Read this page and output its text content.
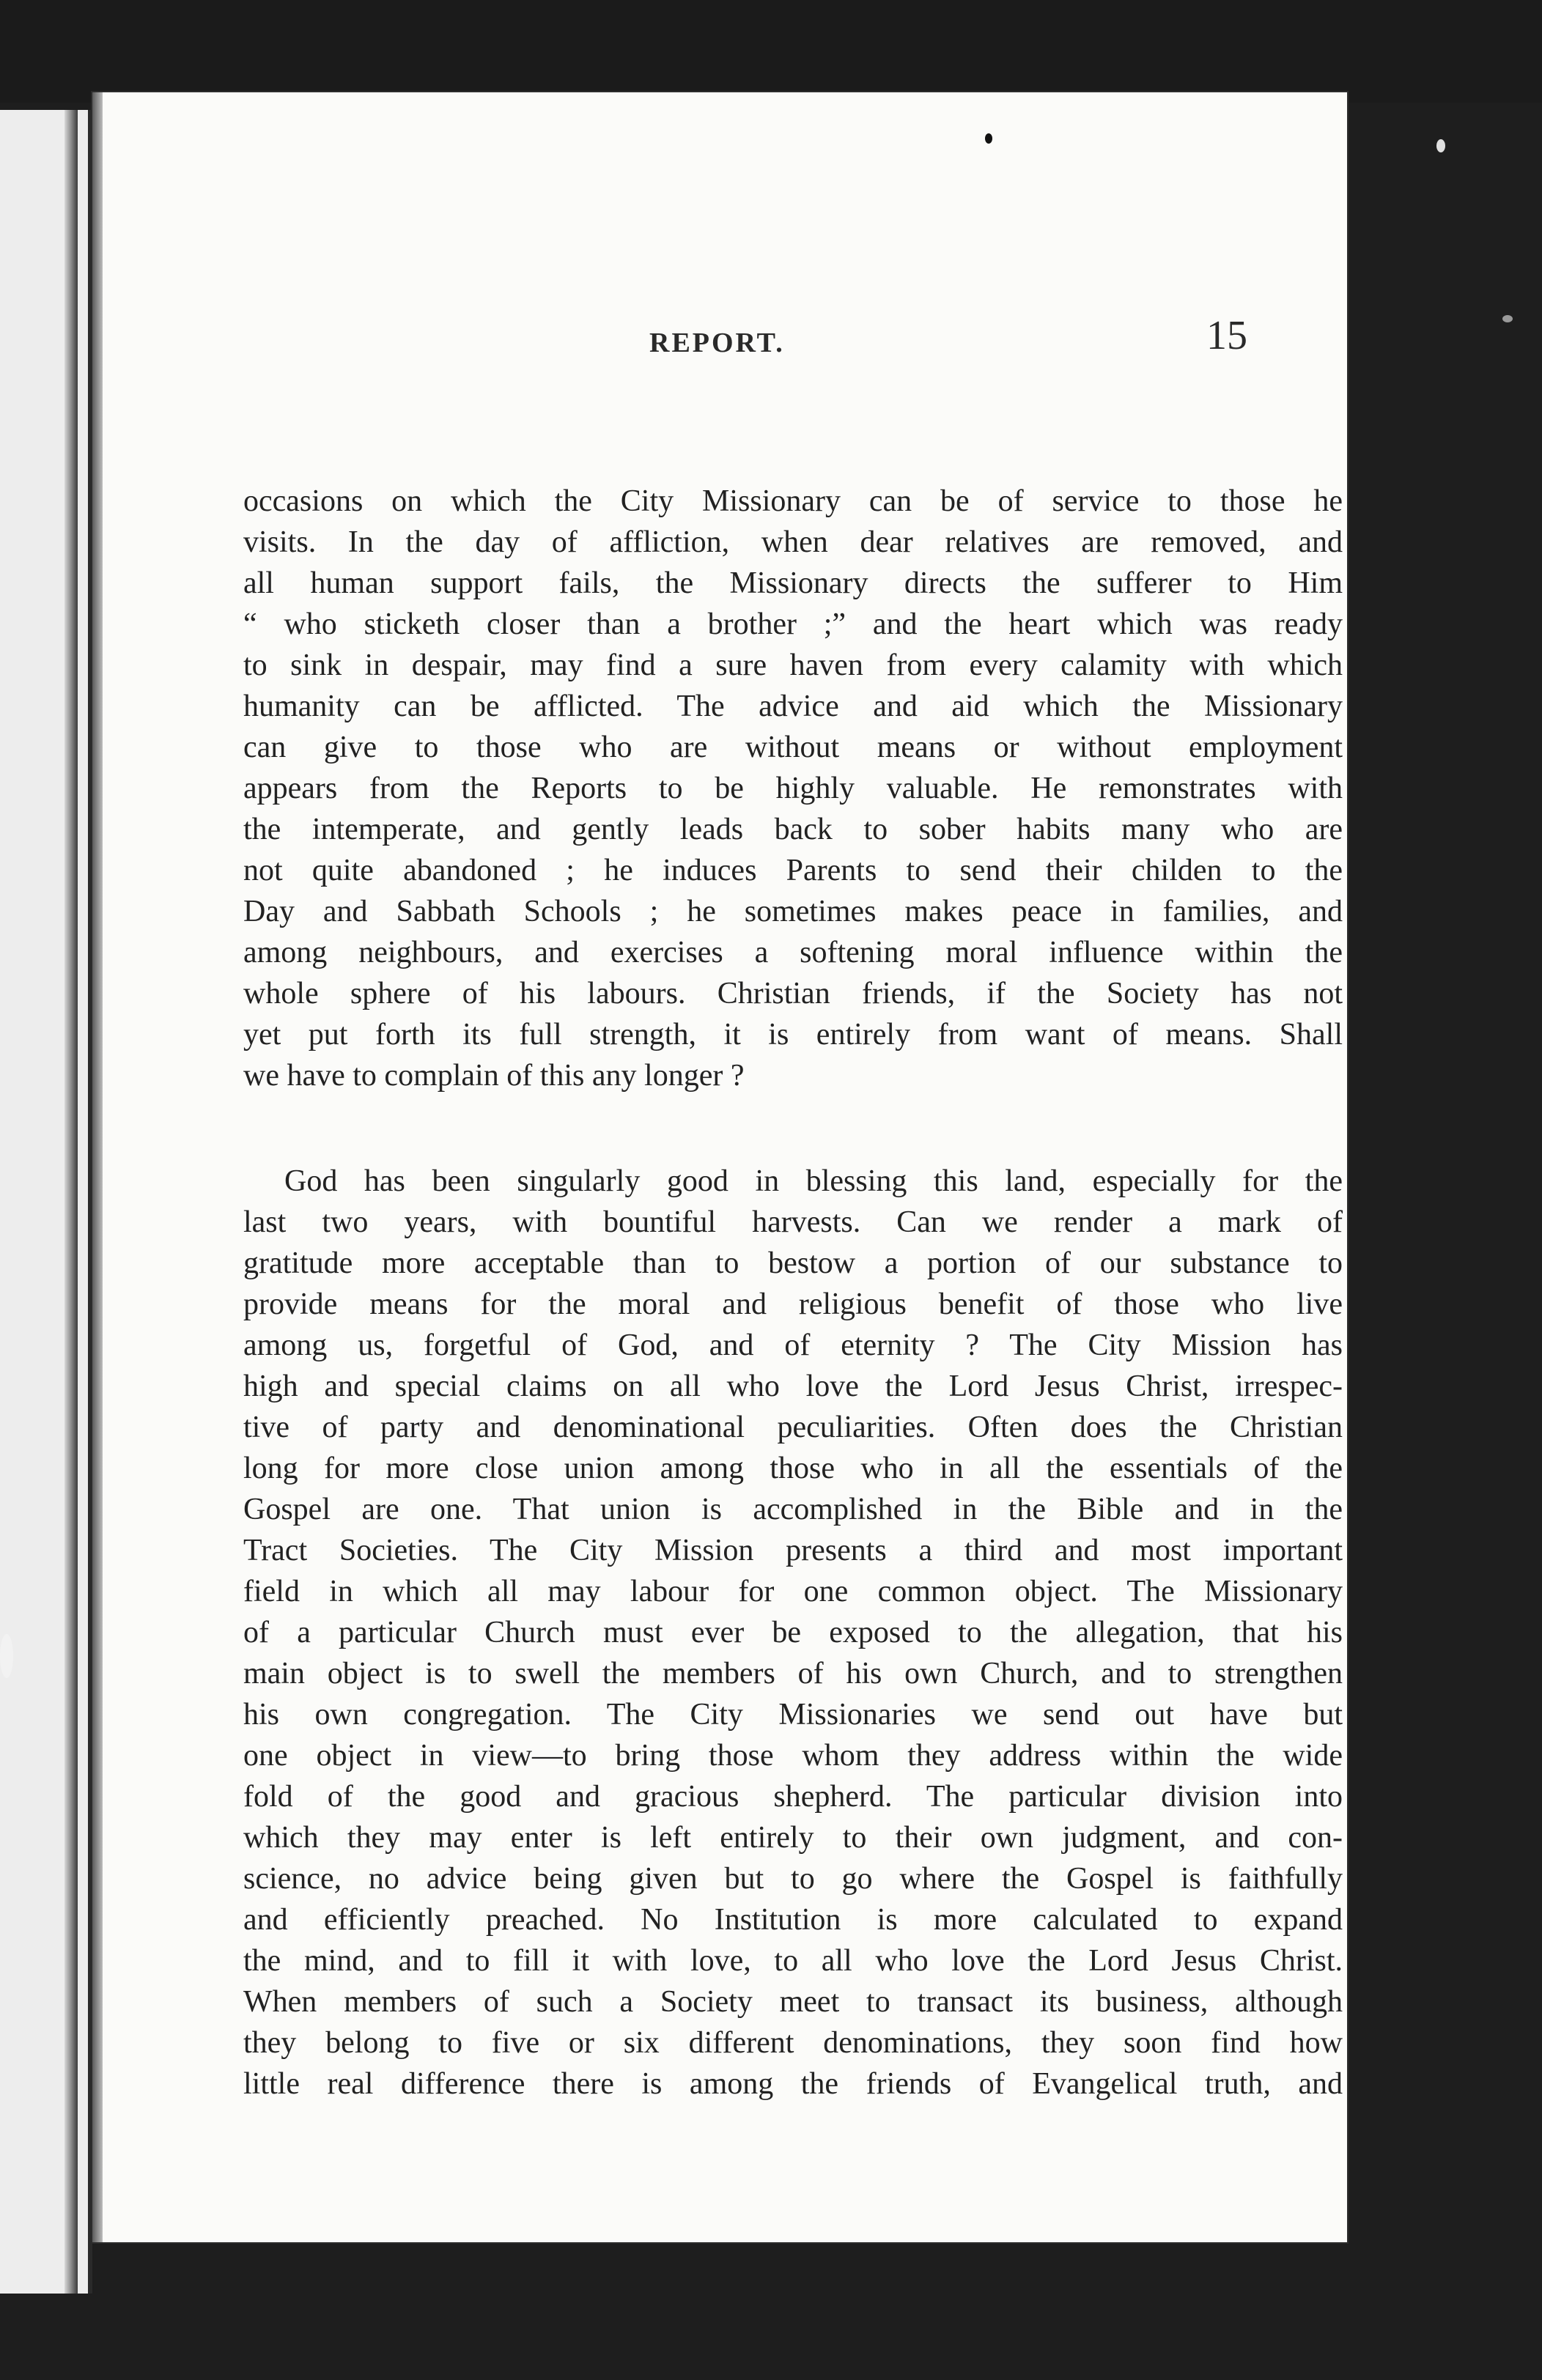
REPORT.	15
occasions on which the City Missionary can be of service to those he
visits. In the day of affliction, when dear relatives are removed, and
all human support fails, the Missionary directs the sufferer to Him
“ who sticketh closer than a brother ;” and the heart which was ready
to sink in despair, may find a sure haven from every calamity with which
humanity can be afflicted. The advice and aid which the Missionary
can give to those who are without means or without employment
appears from the Reports to be highly valuable. He remonstrates with
the intemperate, and gently leads back to sober habits many who are
not quite abandoned ; he induces Parents to send their childen to the
Day and Sabbath Schools ; he sometimes makes peace in families, and
among neighbours, and exercises a softening moral influence within the
whole sphere of his labours. Christian friends, if the Society has not
yet put forth its full strength, it is entirely from want of means. Shall
we have to complain of this any longer ?
God has been singularly good in blessing this land, especially for the
last two years, with bountiful harvests. Can we render a mark of
gratitude more acceptable than to bestow a portion of our substance to
provide means for the moral and religious benefit of those who live
among us, forgetful of God, and of eternity ? The City Mission has
high and special claims on all who love the Lord Jesus Christ, irrespec-
tive of party and denominational peculiarities. Often does the Christian
long for more close union among those who in all the essentials of the
Gospel are one. That union is accomplished in the Bible and in the
Tract Societies. The City Mission presents a third and most important
field in which all may labour for one common object. The Missionary
of a particular Church must ever be exposed to the allegation, that his
main object is to swell the members of his own Church, and to strengthen
his own congregation. The City Missionaries we send out have but
one object in view—to bring those whom they address within the wide
fold of the good and gracious shepherd. The particular division into
which they may enter is left entirely to their own judgment, and con-
science, no advice being given but to go where the Gospel is faithfully
and efficiently preached. No Institution is more calculated to expand
the mind, and to fill it with love, to all who love the Lord Jesus Christ.
When members of such a Society meet to transact its business, although
they belong to five or six different denominations, they soon find how
little real difference there is among the friends of Evangelical truth, and
